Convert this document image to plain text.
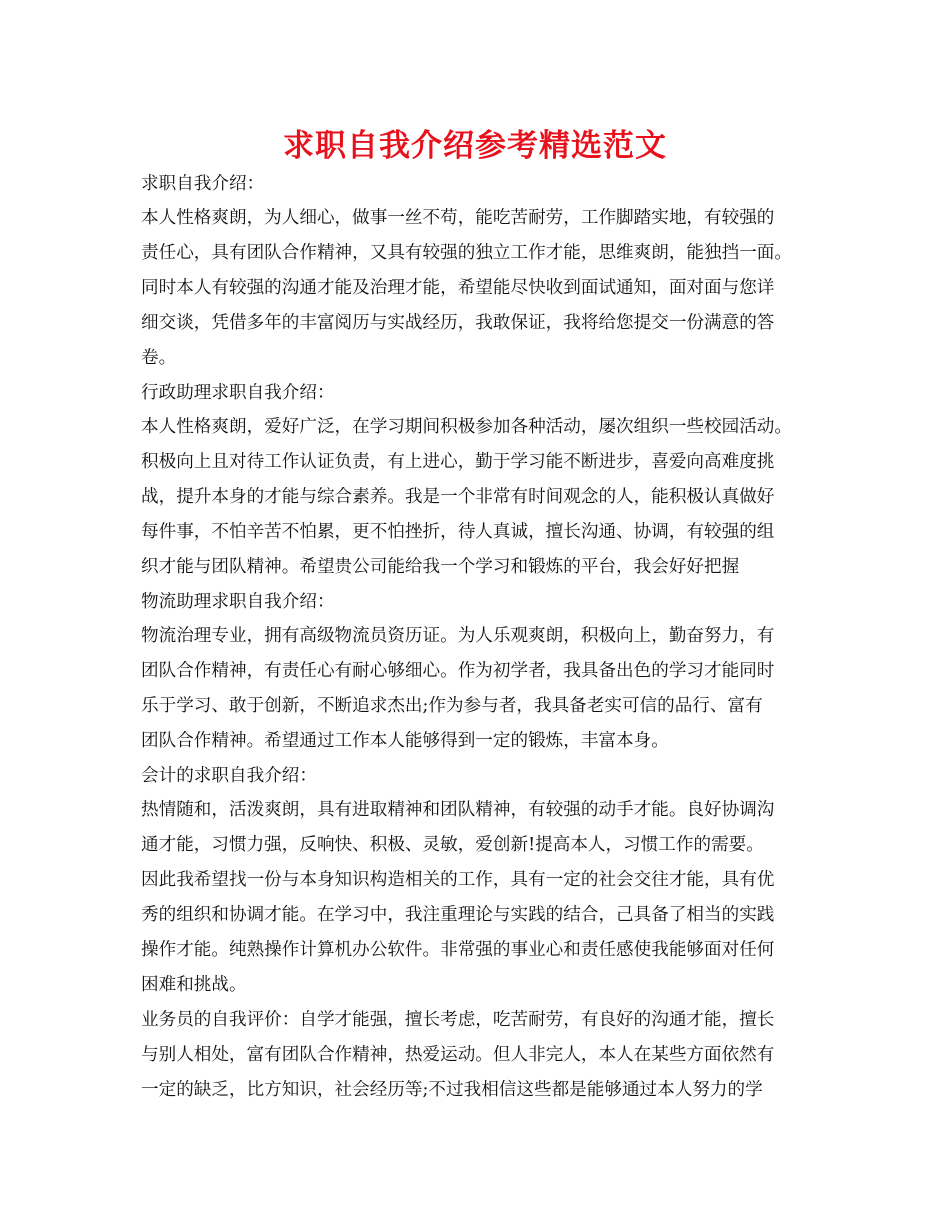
求职自我介绍参考精选范文
求职自我介绍：
本人性格爽朗，为人细心，做事一丝不苟，能吃苦耐劳，工作脚踏实地，有较强的
责任心，具有团队合作精神，又具有较强的独立工作才能，思维爽朗，能独挡一面。
同时本人有较强的沟通才能及治理才能，希望能尽快收到面试通知，面对面与您详
细交谈，凭借多年的丰富阅历与实战经历，我敢保证，我将给您提交一份满意的答
卷。
行政助理求职自我介绍：
本人性格爽朗，爱好广泛，在学习期间积极参加各种活动，屡次组织一些校园活动。
积极向上且对待工作认证负责，有上进心，勤于学习能不断进步，喜爱向高难度挑
战，提升本身的才能与综合素养。我是一个非常有时间观念的人，能积极认真做好
每件事，不怕辛苦不怕累，更不怕挫折，待人真诚，擅长沟通、协调，有较强的组
织才能与团队精神。希望贵公司能给我一个学习和锻炼的平台，我会好好把握
物流助理求职自我介绍：
物流治理专业，拥有高级物流员资历证。为人乐观爽朗，积极向上，勤奋努力，有
团队合作精神，有责任心有耐心够细心。作为初学者，我具备出色的学习才能同时
乐于学习、敢于创新，不断追求杰出;作为参与者，我具备老实可信的品行、富有
团队合作精神。希望通过工作本人能够得到一定的锻炼，丰富本身。
会计的求职自我介绍：
热情随和，活泼爽朗，具有进取精神和团队精神，有较强的动手才能。良好协调沟
通才能，习惯力强，反响快、积极、灵敏，爱创新!提高本人，习惯工作的需要。
因此我希望找一份与本身知识构造相关的工作，具有一定的社会交往才能，具有优
秀的组织和协调才能。在学习中，我注重理论与实践的结合，己具备了相当的实践
操作才能。纯熟操作计算机办公软件。非常强的事业心和责任感使我能够面对任何
困难和挑战。
业务员的自我评价：自学才能强，擅长考虑，吃苦耐劳，有良好的沟通才能，擅长
与别人相处，富有团队合作精神，热爱运动。但人非完人，本人在某些方面依然有
一定的缺乏，比方知识，社会经历等;不过我相信这些都是能够通过本人努力的学
